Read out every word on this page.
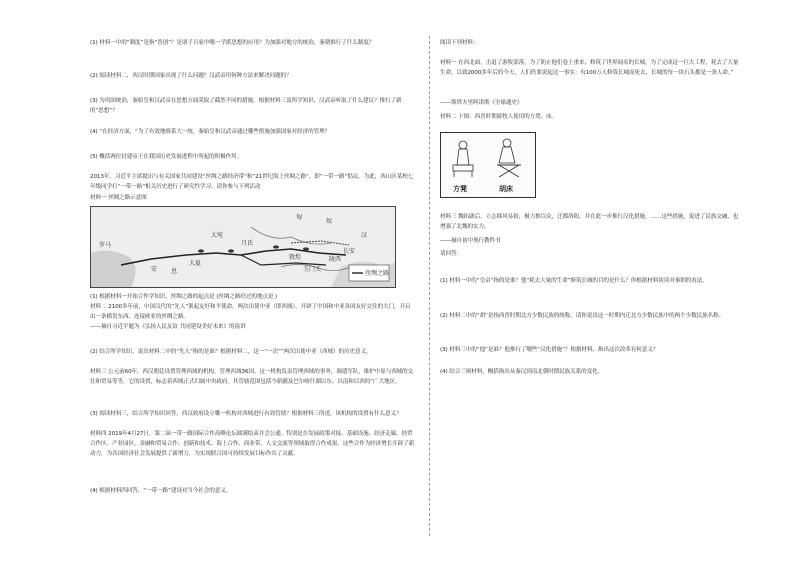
(1) 材料一中的“制度”是指“普创”？是诸子百家中哪一学派思想的应用？为加强对地方的统治，秦朝推行了什么制度？
(2) 阅读材料二，西汉时期国家出现了什么问题？汉武帝用何种方法来解决问题的？
(3) 为巩固统治，秦始皇和汉武帝在思想方面采取了截然不同的措施。根据材料三及所学知识，汉武帝听取了什么建议？推行了新的“思想”？
(4) “在经济方面，“为了有效地维系大一统，秦始皇和汉武帝通过哪些措施加强国家对经济的管理？
(5) 概括两位封建帝王在我国历史发展进程中所起的积极作用。
2013年，习近平主席提出与有关国家共同建设“丝绸之路经济带”和“21世纪海上丝绸之路”，即“一带一路”倡议。为此，西山区某校七年级同学打“一带一路”相关历史进行了研究性学习。请你参与下列活动
材料一 丝绸之路示意图
丝绸之路
匈
奴
大宛
月氏
安 息
敦煌
玉门关
长安
汉
陇西
罗马
大夏
(1) 根据材料一开始合作学知识，丝绸之路的起点是 (丝绸之路经过的地点是 )
材料二 2100多年前，中国汉代的“先人”架起友好和平使命，两次出使中亚（即西域），开辟了中国和中亚各国友好交往的大门，开启由一条横贯东西、连接欧亚的丝绸之路。
——摘自习近平题为《弘扬人民友谊 共同建设美好未来》的演讲
(2) 结合所学知识，说出材料二中的“先人”指的是谁？根据材料二，这一“一次”“两次出使中亚（西域）的历史意义。
材料三 公元前60年，西汉朝廷设置管理西域的机构，管理西域36国。这一机构负责管理西域的事务，调遣军队，维护中原与西域的交往和贸易等等。它的设置，标志着西域正式归属中央政府。其管辖范围包括今新疆及巴尔喀什湖以东、以南和以西的“广大地区。
(3) 阅读材料三，结合所学知识回答，西汉政府设立哪一机构对西域进行有效管辖？根据材料三所述，该机构的设置有什么意义？
材料四 2019年4月27日，第二届一带一路国际合作高峰论坛圆满结束并会公通。特别是在发展政策对接、基础设施、经济走廊、经贸合作区、产业园区、金融和贸易合作、创新和技术、海上合作、商业带、人文交流等领域取得合作成果。这些合作为经济增长开辟了新动力，为各国经济社会发展提供了新增力，为实现联合国可持续发展目标作出了贡献。
(4) 根据材料四回答，“一带一路”建设对当今社会的意义。
阅读下列材料：
材料一 在西北面，击退了游牧部落，为了防止他们卷土重来，修筑了世界闻名的长城，为了完成这一巨大工程，耗去了大量生命，以致2000多年后的今天，人们仍要说起这一事实：有100万人修筑长城而死去，长城的每一块石头都是一条人命。”
——斯塔夫里阿诺斯《全球通史》
材料二 下图：西晋时期游牧人使用的方凳、床。
方凳	胡床
材料三 魏拓跋后，立志移风易俗，极力推以众，迁都洛阳，并在此一步推行汉化措施，……这些措施，促进了民族交融，也增强了北魏的实力。
——摘自初中现行教科书
请回答：
(1) 材料一中的“皇帝”指的是谁？他“耗去大量的生命”修筑长城的目的是什么？你根据材料谈谈对秦朝的看法。
(2) 材料二中的“胡”是指西晋时期北方少数民族的统称，请你说出这一时期内迁北方少数民族中的两个少数民族名称。
(3) 材料三中的“他”是谁？他推行了哪些“汉化措施”？根据材料，指出这次改革有何意义？
(4) 结合三则材料，概括指出从秦汉到南北朝时期民族关系的变化。
